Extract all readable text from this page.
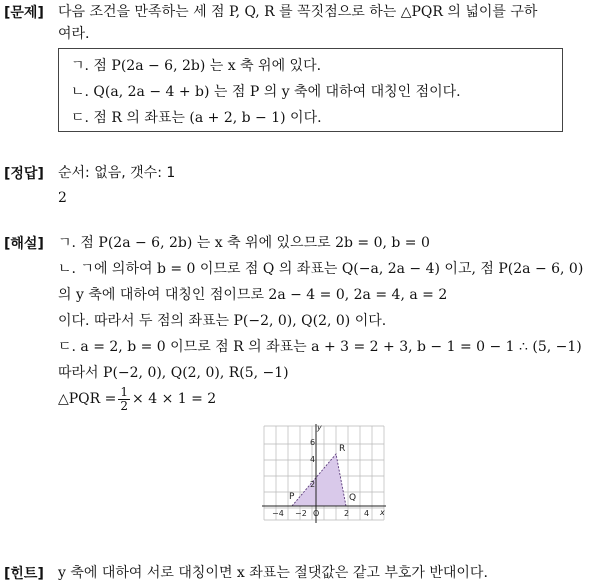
[문제] 다음 조건을 만족하는 세 점 P, Q, R 를 꼭짓점으로 하는 △PQR 의 넓이를 구하
여라.
ㄱ. 점 P(2a − 6, 2b) 는 x 축 위에 있다.
ㄴ. Q(a, 2a − 4 + b) 는 점 P 의 y 축에 대하여 대칭인 점이다.
ㄷ. 점 R 의 좌표는 (a + 2, b − 1) 이다.
[정답] 순서: 없음, 갯수: 1
2
[해설] ㄱ. 점 P(2a − 6, 2b) 는 x 축 위에 있으므로 2b = 0, b = 0
ㄴ. ㄱ에 의하여 b = 0 이므로 점 Q 의 좌표는 Q(−a, 2a − 4) 이고, 점 P(2a − 6, 0)
의 y 축에 대하여 대칭인 점이므로 2a − 4 = 0, 2a = 4, a = 2
이다. 따라서 두 점의 좌표는 P(−2, 0), Q(2, 0) 이다.
ㄷ. a = 2, b = 0 이므로 점 R 의 좌표는 a + 3 = 2 + 3, b − 1 = 0 − 1 ∴ (5, −1)
따라서 P(−2, 0), Q(2, 0), R(5, −1)
△PQR = $\frac{1}{2} \times 4 \times 1 = 2$
y
x
O
6
4
2
−4 −2	2 4
P	Q
R
[힌트] y 축에 대하여 서로 대칭이면 x 좌표는 절댓값은 같고 부호가 반대이다.
